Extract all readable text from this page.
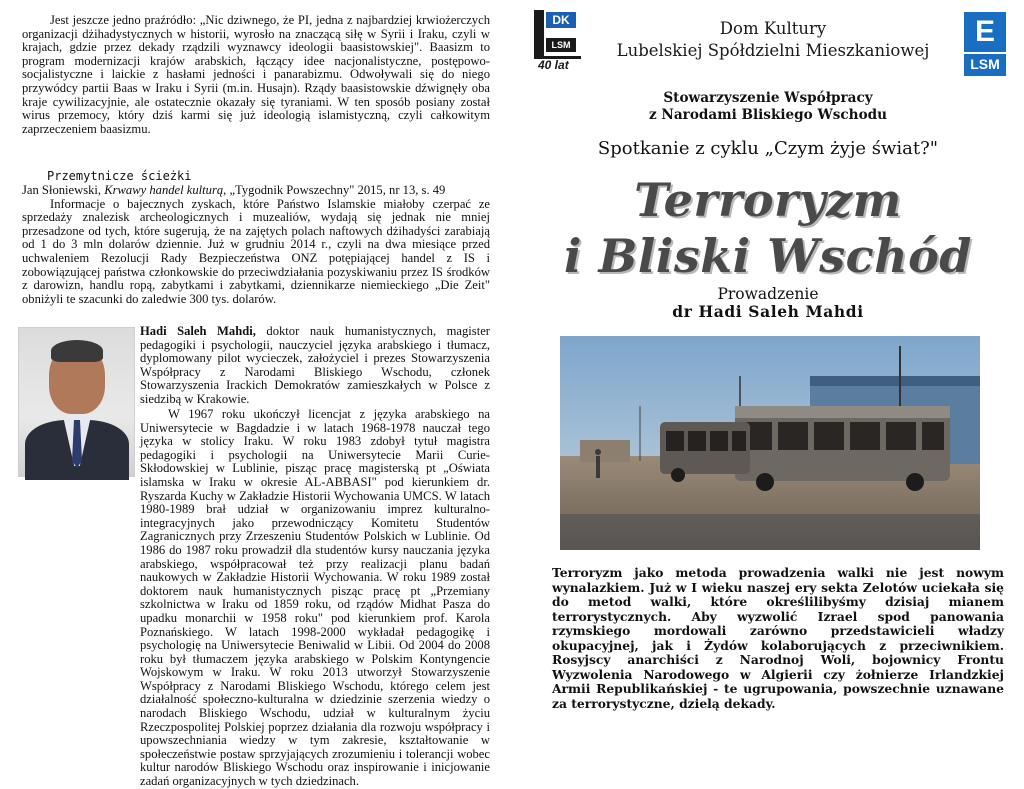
Jest jeszcze jedno praźródło: „Nic dziwnego, że PI, jedna z najbardziej krwiożerczych organizacji dżihadystycznych w historii, wyrosło na znaczącą siłę w Syrii i Iraku, czyli w krajach, gdzie przez dekady rządzili wyznawcy ideologii baasistowskiej". Baasizm to program modernizacji krajów arabskich, łączący idee nacjonalistyczne, postępowo-socjalistyczne i laickie z hasłami jedności i panarabizmu. Odwoływali się do niego przywódcy partii Baas w Iraku i Syrii (m.in. Husajn). Rządy baasistowskie dźwignęły oba kraje cywilizacyjnie, ale ostatecznie okazały się tyraniami. W ten sposób posiany został wirus przemocy, który dziś karmi się już ideologią islamistyczną, czyli całkowitym zaprzeczeniem baasizmu.

Przemytnicze ścieżki
Jan Słoniewski, Krwawy handel kulturą, „Tygodnik Powszechny" 2015, nr 13, s. 49
Informacje o bajecznych zyskach, które Państwo Islamskie miałoby czerpać ze sprzedaży znalezisk archeologicznych i muzealiów, wydają się jednak nie mniej przesadzone od tych, które sugerują, że na zajętych polach naftowych dżihadyści zarabiają od 1 do 3 mln dolarów dziennie. Już w grudniu 2014 r., czyli na dwa miesiące przed uchwaleniem Rezolucji Rady Bezpieczeństwa ONZ potępiającej handel z IS i zobowiązującej państwa członkowskie do przeciwdziałania pozyskiwaniu przez IS środków z darowizn, handlu ropą, zabytkami i zabytkami, dziennikarze niemieckiego „Die Zeit" obniżyli te szacunki do zaledwie 300 tys. dolarów.

Hadi Saleh Mahdi, doktor nauk humanistycznych, magister pedagogiki i psychologii, nauczyciel języka arabskiego i tłumacz, dyplomowany pilot wycieczek, założyciel i prezes Stowarzyszenia Współpracy z Narodami Bliskiego Wschodu, członek Stowarzyszenia Irackich Demokratów zamieszkałych w Polsce z siedzibą w Krakowie.

W 1967 roku ukończył licencjat z języka arabskiego na Uniwersytecie w Bagdadzie i w latach 1968-1978 nauczał tego języka w stolicy Iraku. W roku 1983 zdobył tytuł magistra pedagogiki i psychologii na Uniwersytecie Marii Curie-Skłodowskiej w Lublinie, pisząc pracę magisterską pt „Oświata islamska w Iraku w okresie AL-ABBASI" pod kierunkiem dr. Ryszarda Kuchy w Zakładzie Historii Wychowania UMCS. W latach 1980-1989 brał udział w organizowaniu imprez kulturalno-integracyjnych jako przewodniczący Komitetu Studentów Zagranicznych przy Zrzeszeniu Studentów Polskich w Lublinie. Od 1986 do 1987 roku prowadził dla studentów kursy nauczania języka arabskiego, współpracował też przy realizacji planu badań naukowych w Zakładzie Historii Wychowania. W roku 1989 został doktorem nauk humanistycznych pisząc pracę pt „Przemiany szkolnictwa w Iraku od 1859 roku, od rządów Midhat Pasza do upadku monarchii w 1958 roku" pod kierunkiem prof. Karola Poznańskiego. W latach 1998-2000 wykładał pedagogikę i psychologię na Uniwersytecie Beniwalid w Libii. Od 2004 do 2008 roku był tłumaczem języka arabskiego w Polskim Kontyngencie Wojskowym w Iraku. W roku 2013 utworzył Stowarzyszenie Współpracy z Narodami Bliskiego Wschodu, którego celem jest działalność społeczno-kulturalna w dziedzinie szerzenia wiedzy o narodach Bliskiego Wschodu, udział w kulturalnym życiu Rzeczpospolitej Polskiej poprzez działania dla rozwoju współpracy i upowszechniania wiedzy w tym zakresie, kształtowanie w społeczeństwie postaw sprzyjających zrozumieniu i tolerancji wobec kultur narodów Bliskiego Wschodu oraz inspirowanie i inicjowanie zadań organizacyjnych w tych dziedzinach.

DK
LSM
40 lat
Dom Kultury
Lubelskiej Spółdzielni Mieszkaniowej
E
LSM
Stowarzyszenie Współpracy
z Narodami Bliskiego Wschodu
Spotkanie z cyklu „Czym żyje świat?"
Terroryzm
i Bliski Wschód
Prowadzenie
dr Hadi Saleh Mahdi

Terroryzm jako metoda prowadzenia walki nie jest nowym wynalazkiem. Już w I wieku naszej ery sekta Zelotów uciekała się do metod walki, które określilibyśmy dzisiaj mianem terrorystycznych. Aby wyzwolić Izrael spod panowania rzymskiego mordowali zarówno przedstawicieli władzy okupacyjnej, jak i Żydów kolaborujących z przeciwnikiem. Rosyjscy anarchiści z Narodnoj Woli, bojownicy Frontu Wyzwolenia Narodowego w Algierii czy żołnierze Irlandzkiej Armii Republikańskiej - te ugrupowania, powszechnie uznawane za terrorystyczne, dzielą dekady.
